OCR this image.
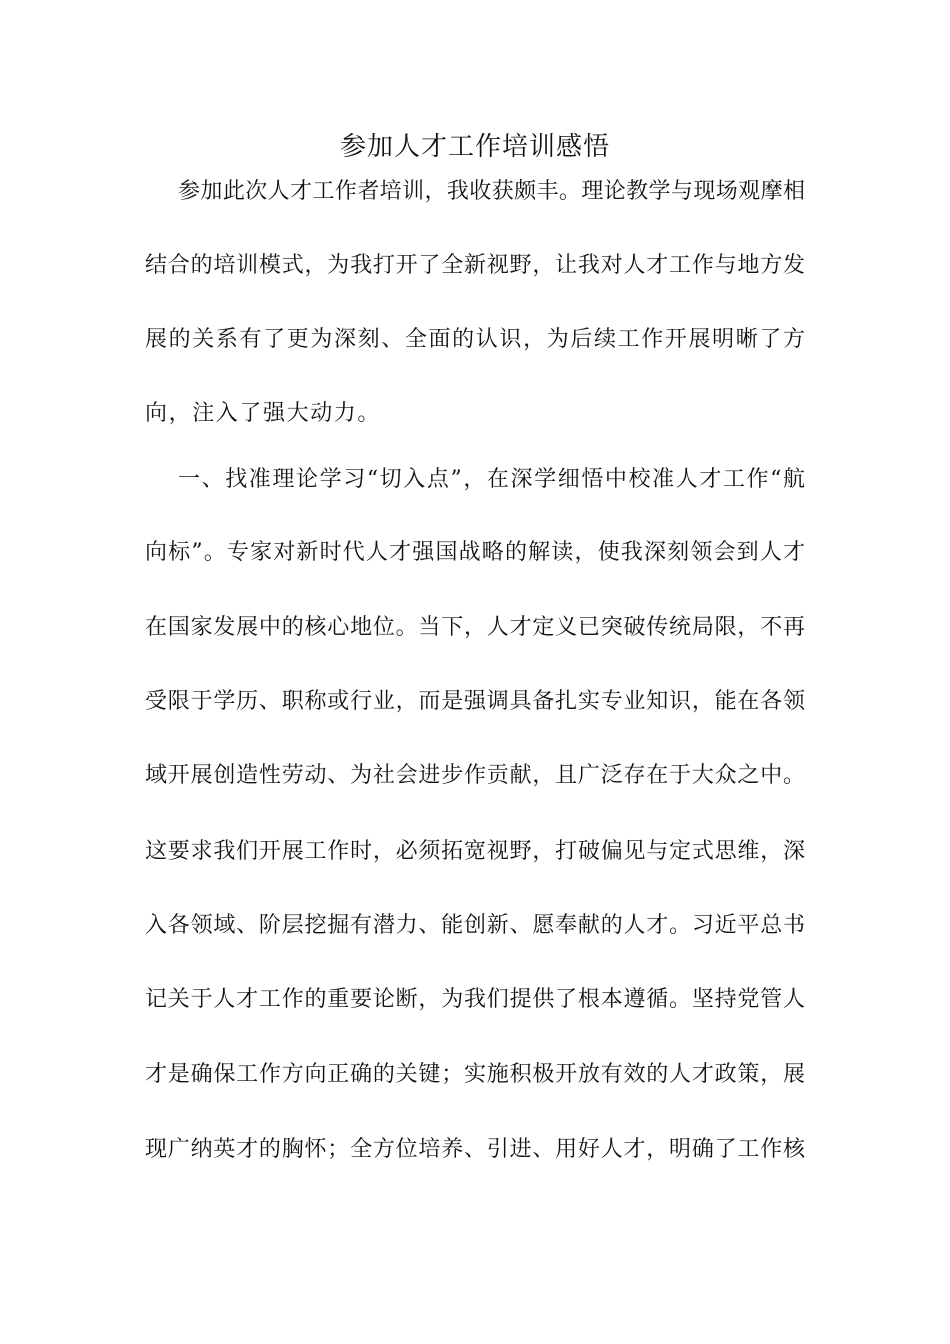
参加人才工作培训感悟
参加此次人才工作者培训，我收获颇丰。理论教学与现场观摩相
结合的培训模式，为我打开了全新视野，让我对人才工作与地方发
展的关系有了更为深刻、全面的认识，为后续工作开展明晰了方
向，注入了强大动力。
一、找准理论学习“切入点”，在深学细悟中校准人才工作“航
向标”。专家对新时代人才强国战略的解读，使我深刻领会到人才
在国家发展中的核心地位。当下，人才定义已突破传统局限，不再
受限于学历、职称或行业，而是强调具备扎实专业知识，能在各领
域开展创造性劳动、为社会进步作贡献，且广泛存在于大众之中。
这要求我们开展工作时，必须拓宽视野，打破偏见与定式思维，深
入各领域、阶层挖掘有潜力、能创新、愿奉献的人才。习近平总书
记关于人才工作的重要论断，为我们提供了根本遵循。坚持党管人
才是确保工作方向正确的关键；实施积极开放有效的人才政策，展
现广纳英才的胸怀；全方位培养、引进、用好人才，明确了工作核
